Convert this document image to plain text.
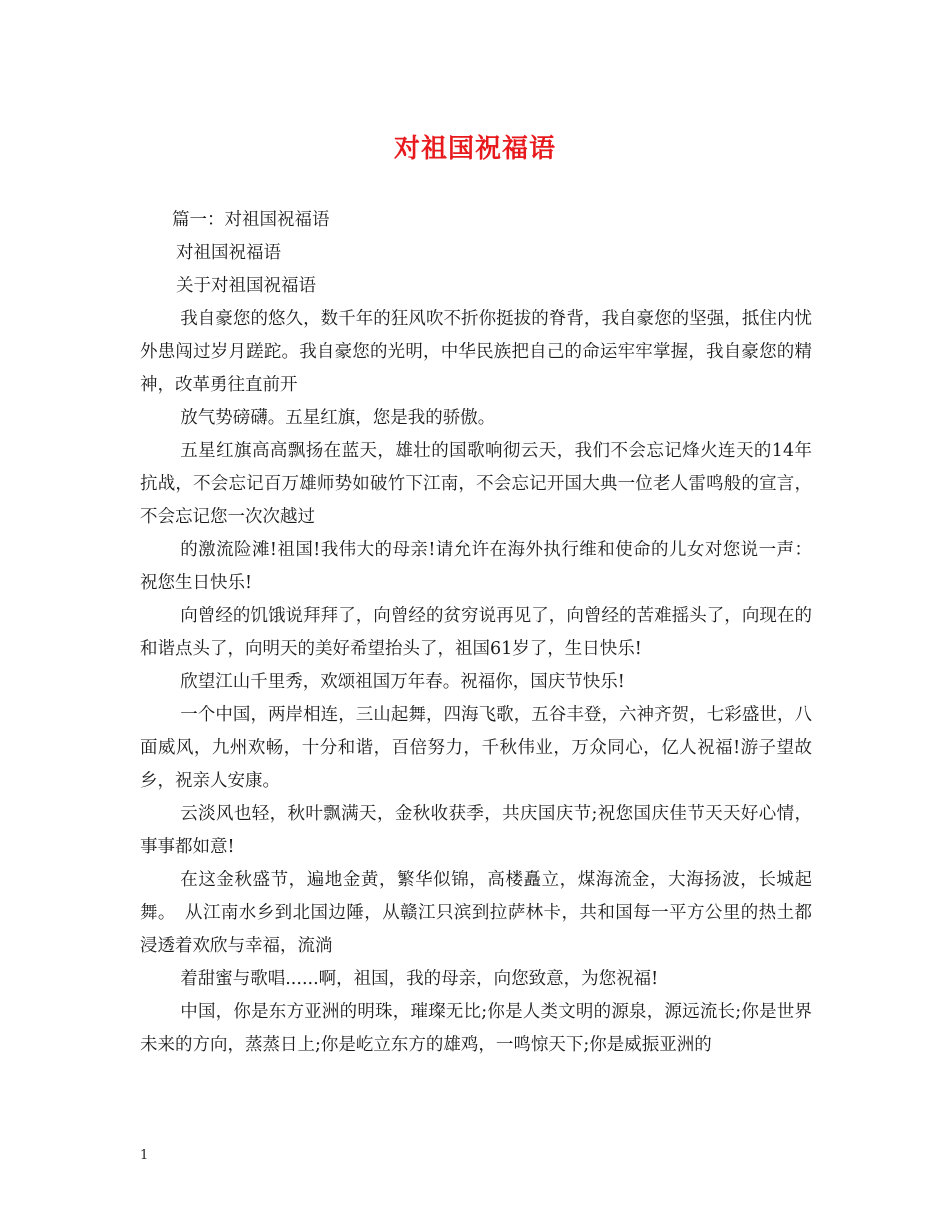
对祖国祝福语

篇一：对祖国祝福语

对祖国祝福语

关于对祖国祝福语

我自豪您的悠久，数千年的狂风吹不折你挺拔的脊背，我自豪您的坚强，抵住内忧外患闯过岁月蹉跎。我自豪您的光明，中华民族把自己的命运牢牢掌握，我自豪您的精神，改革勇往直前开

放气势磅礴。五星红旗，您是我的骄傲。

五星红旗高高飘扬在蓝天，雄壮的国歌响彻云天，我们不会忘记烽火连天的14年抗战，不会忘记百万雄师势如破竹下江南，不会忘记开国大典一位老人雷鸣般的宣言，不会忘记您一次次越过

的激流险滩!祖国!我伟大的母亲!请允许在海外执行维和使命的儿女对您说一声：祝您生日快乐!

向曾经的饥饿说拜拜了，向曾经的贫穷说再见了，向曾经的苦难摇头了，向现在的和谐点头了，向明天的美好希望抬头了，祖国61岁了，生日快乐!

欣望江山千里秀，欢颂祖国万年春。祝福你，国庆节快乐!

一个中国，两岸相连，三山起舞，四海飞歌，五谷丰登，六神齐贺，七彩盛世，八面威风，九州欢畅，十分和谐，百倍努力，千秋伟业，万众同心，亿人祝福!游子望故乡，祝亲人安康。

云淡风也轻，秋叶飘满天，金秋收获季，共庆国庆节;祝您国庆佳节天天好心情，事事都如意!

在这金秋盛节，遍地金黄，繁华似锦，高楼矗立，煤海流金，大海扬波，长城起舞。　从江南水乡到北国边陲，从赣江只滨到拉萨林卡，共和国每一平方公里的热土都浸透着欢欣与幸福，流淌

着甜蜜与歌唱......啊，祖国，我的母亲，向您致意，为您祝福!

中国，你是东方亚洲的明珠，璀璨无比;你是人类文明的源泉，源远流长;你是世界未来的方向，蒸蒸日上;你是屹立东方的雄鸡，一鸣惊天下;你是威振亚洲的

1
